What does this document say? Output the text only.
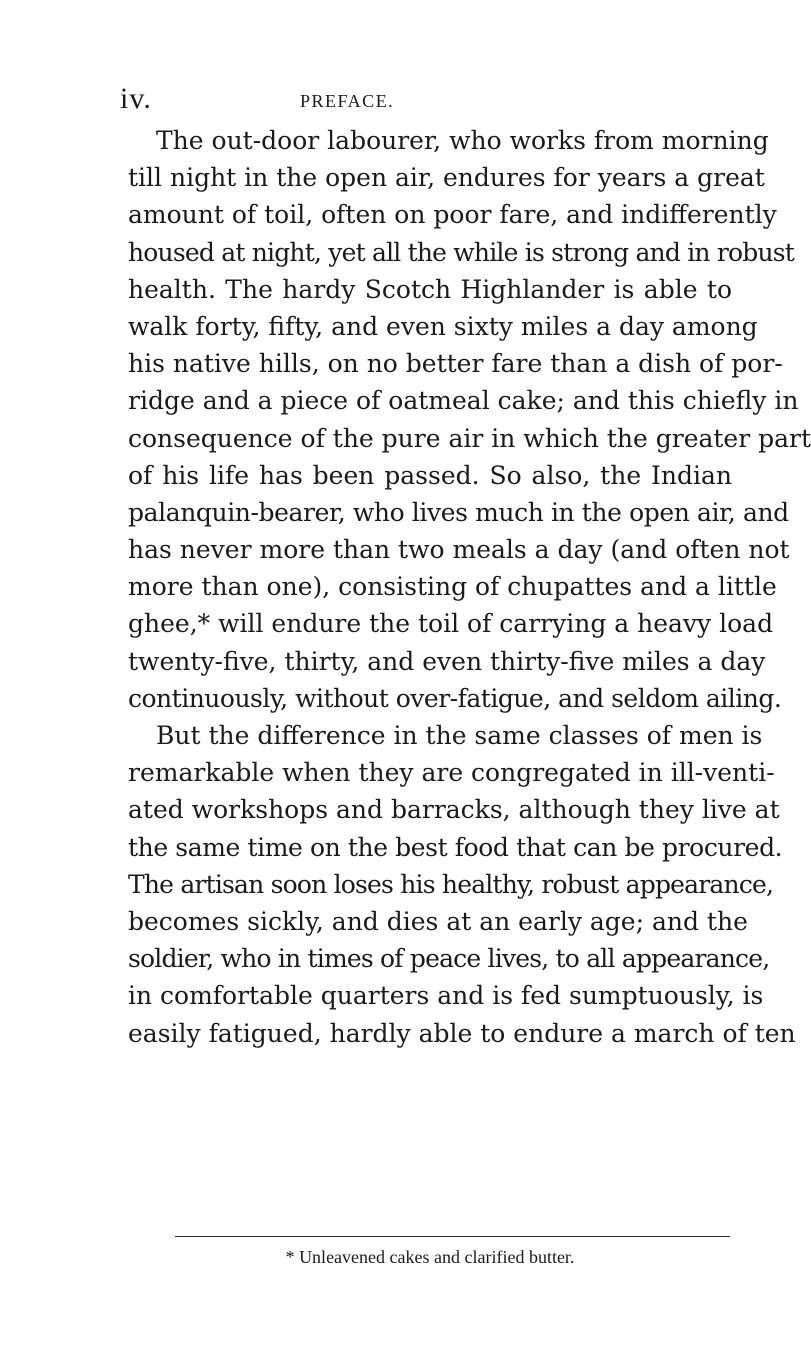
iv.	PREFACE.
The out-door labourer, who works from morning
till night in the open air, endures for years a great
amount of toil, often on poor fare, and indifferently
housed at night, yet all the while is strong and in robust
health. The hardy Scotch Highlander is able to
walk forty, fifty, and even sixty miles a day among
his native hills, on no better fare than a dish of por-
ridge and a piece of oatmeal cake; and this chiefly in
consequence of the pure air in which the greater part
of his life has been passed. So also, the Indian
palanquin-bearer, who lives much in the open air, and
has never more than two meals a day (and often not
more than one), consisting of chupattes and a little
ghee,* will endure the toil of carrying a heavy load
twenty-five, thirty, and even thirty-five miles a day
continuously, without over-fatigue, and seldom ailing.
But the difference in the same classes of men is
remarkable when they are congregated in ill-venti-
ated workshops and barracks, although they live at
the same time on the best food that can be procured.
The artisan soon loses his healthy, robust appearance,
becomes sickly, and dies at an early age; and the
soldier, who in times of peace lives, to all appearance,
in comfortable quarters and is fed sumptuously, is
easily fatigued, hardly able to endure a march of ten
* Unleavened cakes and clarified butter.
